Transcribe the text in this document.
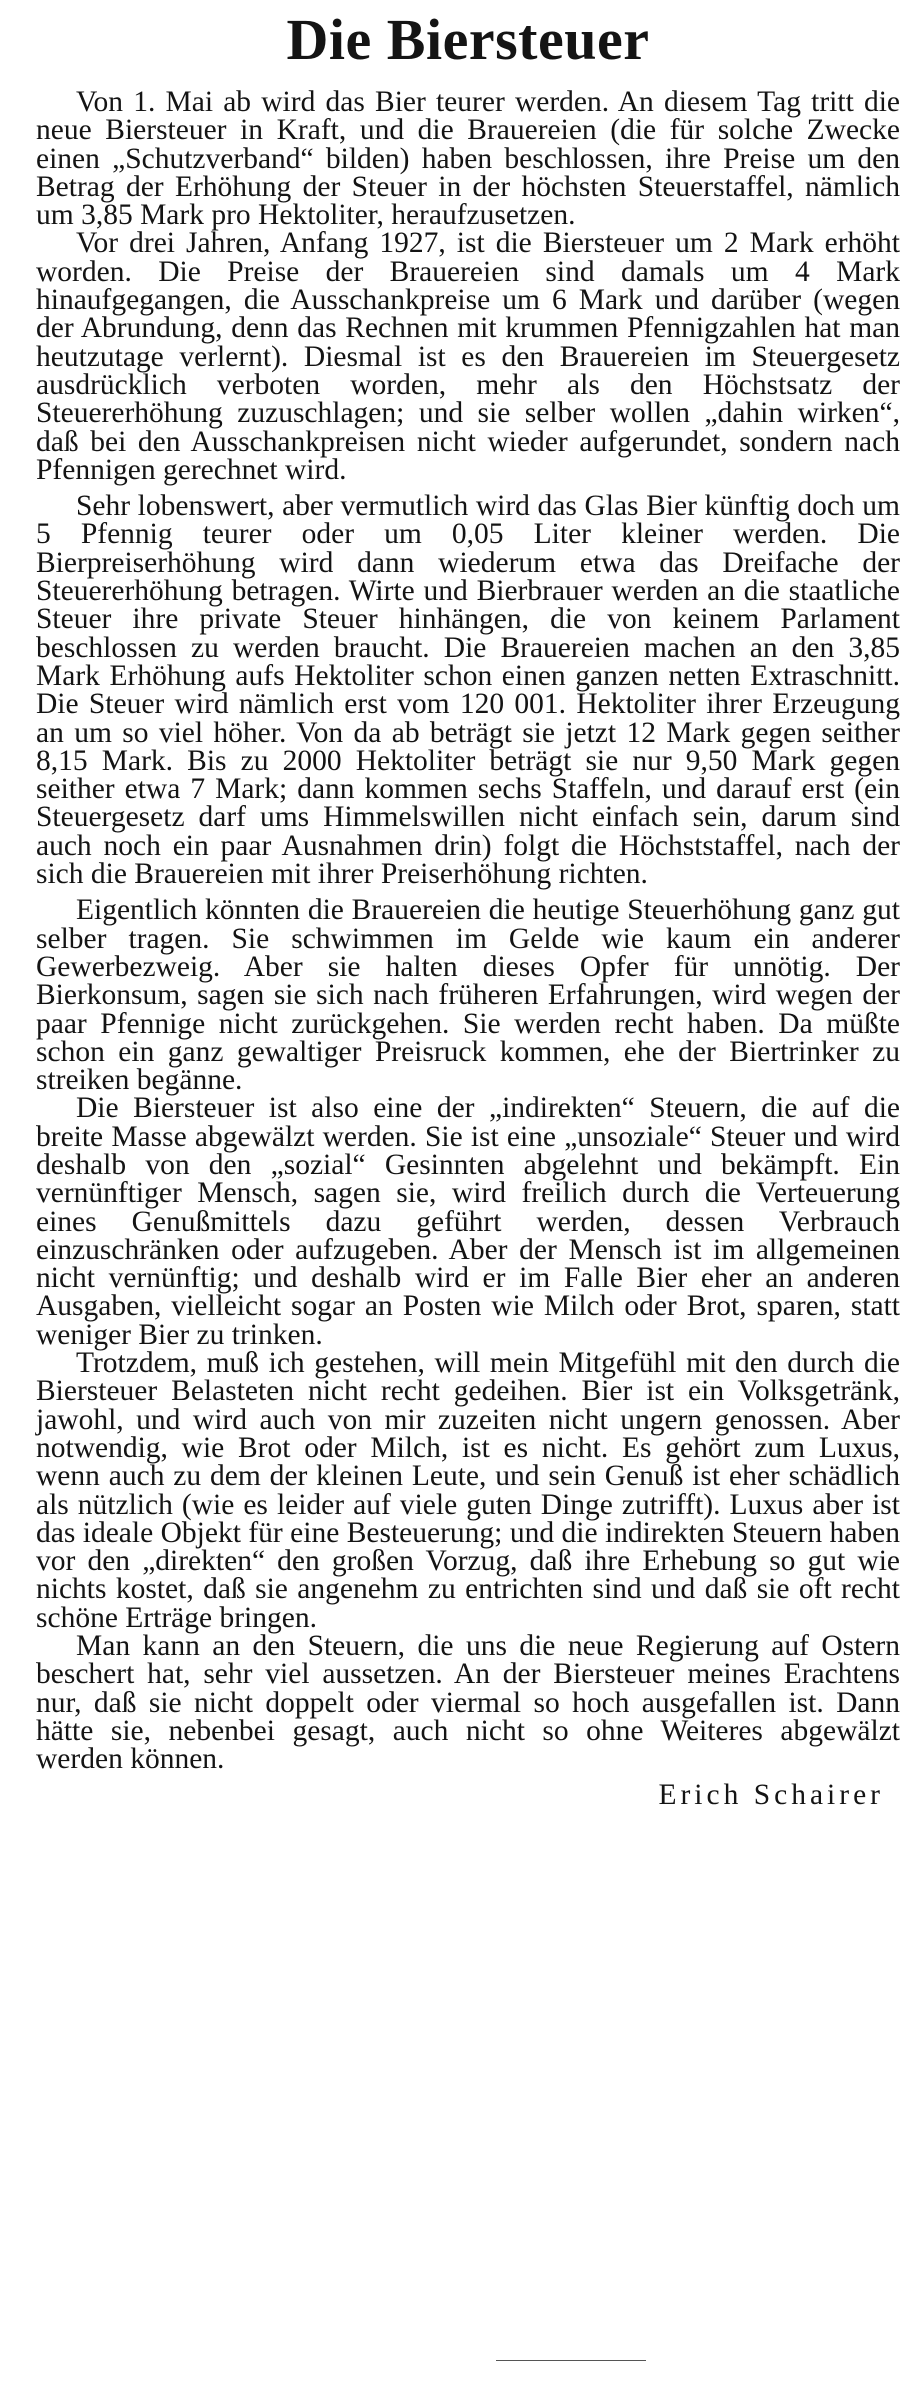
Die Biersteuer

Von 1. Mai ab wird das Bier teurer werden. An diesem Tag tritt die neue Biersteuer in Kraft, und die Brauereien (die für solche Zwecke einen „Schutzverband“ bilden) haben beschlossen, ihre Preise um den Betrag der Erhöhung der Steuer in der höchsten Steuerstaffel, nämlich um 3,85 Mark pro Hektoliter, heraufzusetzen.

Vor drei Jahren, Anfang 1927, ist die Biersteuer um 2 Mark erhöht worden. Die Preise der Brauereien sind damals um 4 Mark hinaufgegangen, die Ausschankpreise um 6 Mark und darüber (wegen der Abrundung, denn das Rechnen mit krummen Pfennigzahlen hat man heutzutage verlernt). Diesmal ist es den Brauereien im Steuergesetz ausdrücklich verboten worden, mehr als den Höchstsatz der Steuererhöhung zuzuschlagen; und sie selber wollen „dahin wirken“, daß bei den Ausschankpreisen nicht wieder aufgerundet, sondern nach Pfennigen gerechnet wird.

Sehr lobenswert, aber vermutlich wird das Glas Bier künftig doch um 5 Pfennig teurer oder um 0,05 Liter kleiner werden. Die Bierpreiserhöhung wird dann wiederum etwa das Dreifache der Steuererhöhung betragen. Wirte und Bierbrauer werden an die staatliche Steuer ihre private Steuer hinhängen, die von keinem Parlament beschlossen zu werden braucht. Die Brauereien machen an den 3,85 Mark Erhöhung aufs Hektoliter schon einen ganzen netten Extraschnitt. Die Steuer wird nämlich erst vom 120 001. Hektoliter ihrer Erzeugung an um so viel höher. Von da ab beträgt sie jetzt 12 Mark gegen seither 8,15 Mark. Bis zu 2000 Hektoliter beträgt sie nur 9,50 Mark gegen seither etwa 7 Mark; dann kommen sechs Staffeln, und darauf erst (ein Steuergesetz darf ums Himmelswillen nicht einfach sein, darum sind auch noch ein paar Ausnahmen drin) folgt die Höchststaffel, nach der sich die Brauereien mit ihrer Preiserhöhung richten.

Eigentlich könnten die Brauereien die heutige Steuerhöhung ganz gut selber tragen. Sie schwimmen im Gelde wie kaum ein anderer Gewerbezweig. Aber sie halten dieses Opfer für unnötig. Der Bierkonsum, sagen sie sich nach früheren Erfahrungen, wird wegen der paar Pfennige nicht zurückgehen. Sie werden recht haben. Da müßte schon ein ganz gewaltiger Preisruck kommen, ehe der Biertrinker zu streiken begänne.

Die Biersteuer ist also eine der „indirekten“ Steuern, die auf die breite Masse abgewälzt werden. Sie ist eine „unsoziale“ Steuer und wird deshalb von den „sozial“ Gesinnten abgelehnt und bekämpft. Ein vernünftiger Mensch, sagen sie, wird freilich durch die Verteuerung eines Genußmittels dazu geführt werden, dessen Verbrauch einzuschränken oder aufzugeben. Aber der Mensch ist im allgemeinen nicht vernünftig; und deshalb wird er im Falle Bier eher an anderen Ausgaben, vielleicht sogar an Posten wie Milch oder Brot, sparen, statt weniger Bier zu trinken.

Trotzdem, muß ich gestehen, will mein Mitgefühl mit den durch die Biersteuer Belasteten nicht recht gedeihen. Bier ist ein Volksgetränk, jawohl, und wird auch von mir zuzeiten nicht ungern genossen. Aber notwendig, wie Brot oder Milch, ist es nicht. Es gehört zum Luxus, wenn auch zu dem der kleinen Leute, und sein Genuß ist eher schädlich als nützlich (wie es leider auf viele guten Dinge zutrifft). Luxus aber ist das ideale Objekt für eine Besteuerung; und die indirekten Steuern haben vor den „direkten“ den großen Vorzug, daß ihre Erhebung so gut wie nichts kostet, daß sie angenehm zu entrichten sind und daß sie oft recht schöne Erträge bringen.

Man kann an den Steuern, die uns die neue Regierung auf Ostern beschert hat, sehr viel aussetzen. An der Biersteuer meines Erachtens nur, daß sie nicht doppelt oder viermal so hoch ausgefallen ist. Dann hätte sie, nebenbei gesagt, auch nicht so ohne Weiteres abgewälzt werden können.

Erich Schairer
